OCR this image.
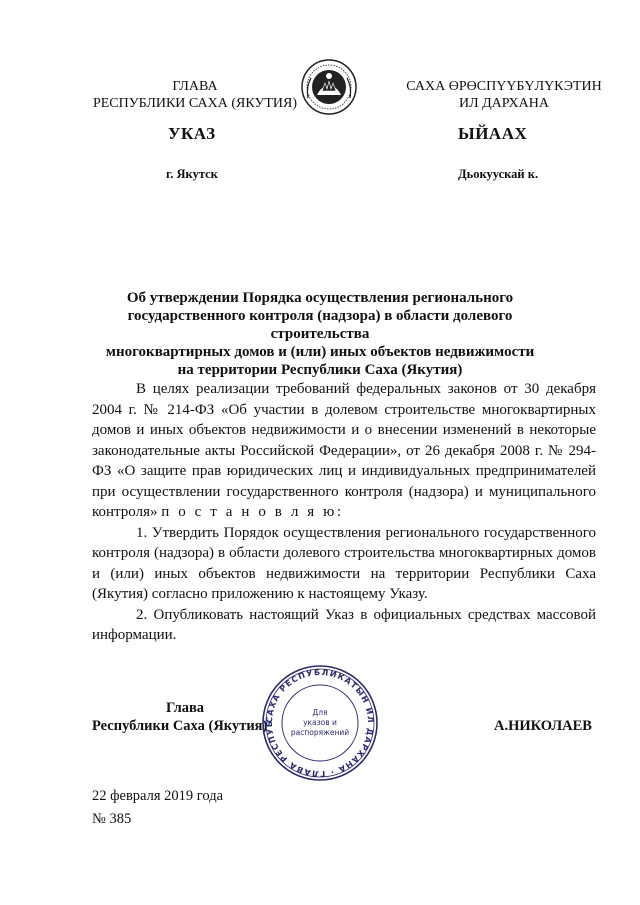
ГЛАВА
РЕСПУБЛИКИ САХА (ЯКУТИЯ)
САХА ӨРӨСПҮҮБҮЛҮКЭТИН
ИЛ ДАРХАНА
УКАЗ	ЫЙААХ
г. Якутск	Дьокуускай к.
Об утверждении Порядка осуществления регионального
государственного контроля (надзора) в области долевого строительства
многоквартирных домов и (или) иных объектов недвижимости
на территории Республики Саха (Якутия)

В целях реализации требований федеральных законов от 30 декабря 2004 г. № 214-ФЗ «Об участии в долевом строительстве многоквартирных домов и иных объектов недвижимости и о внесении изменений в некоторые законодательные акты Российской Федерации», от 26 декабря 2008 г. № 294-ФЗ «О защите прав юридических лиц и индивидуальных предпринимателей при осуществлении государственного контроля (надзора) и муниципального контроля» п о с т а н о в л я ю:

1. Утвердить Порядок осуществления регионального государственного контроля (надзора) в области долевого строительства многоквартирных домов и (или) иных объектов недвижимости на территории Республики Саха (Якутия) согласно приложению к настоящему Указу.

2. Опубликовать настоящий Указ в официальных средствах массовой информации.

Глава
Республики Саха (Якутия)
САХА РЕСПУБЛИКАТЫН ИЛ ДАРХАНА · ГЛАВА РЕСПУБ
Для
указов и
распоряжений	А.НИКОЛАЕВ
22 февраля 2019 года
№ 385
